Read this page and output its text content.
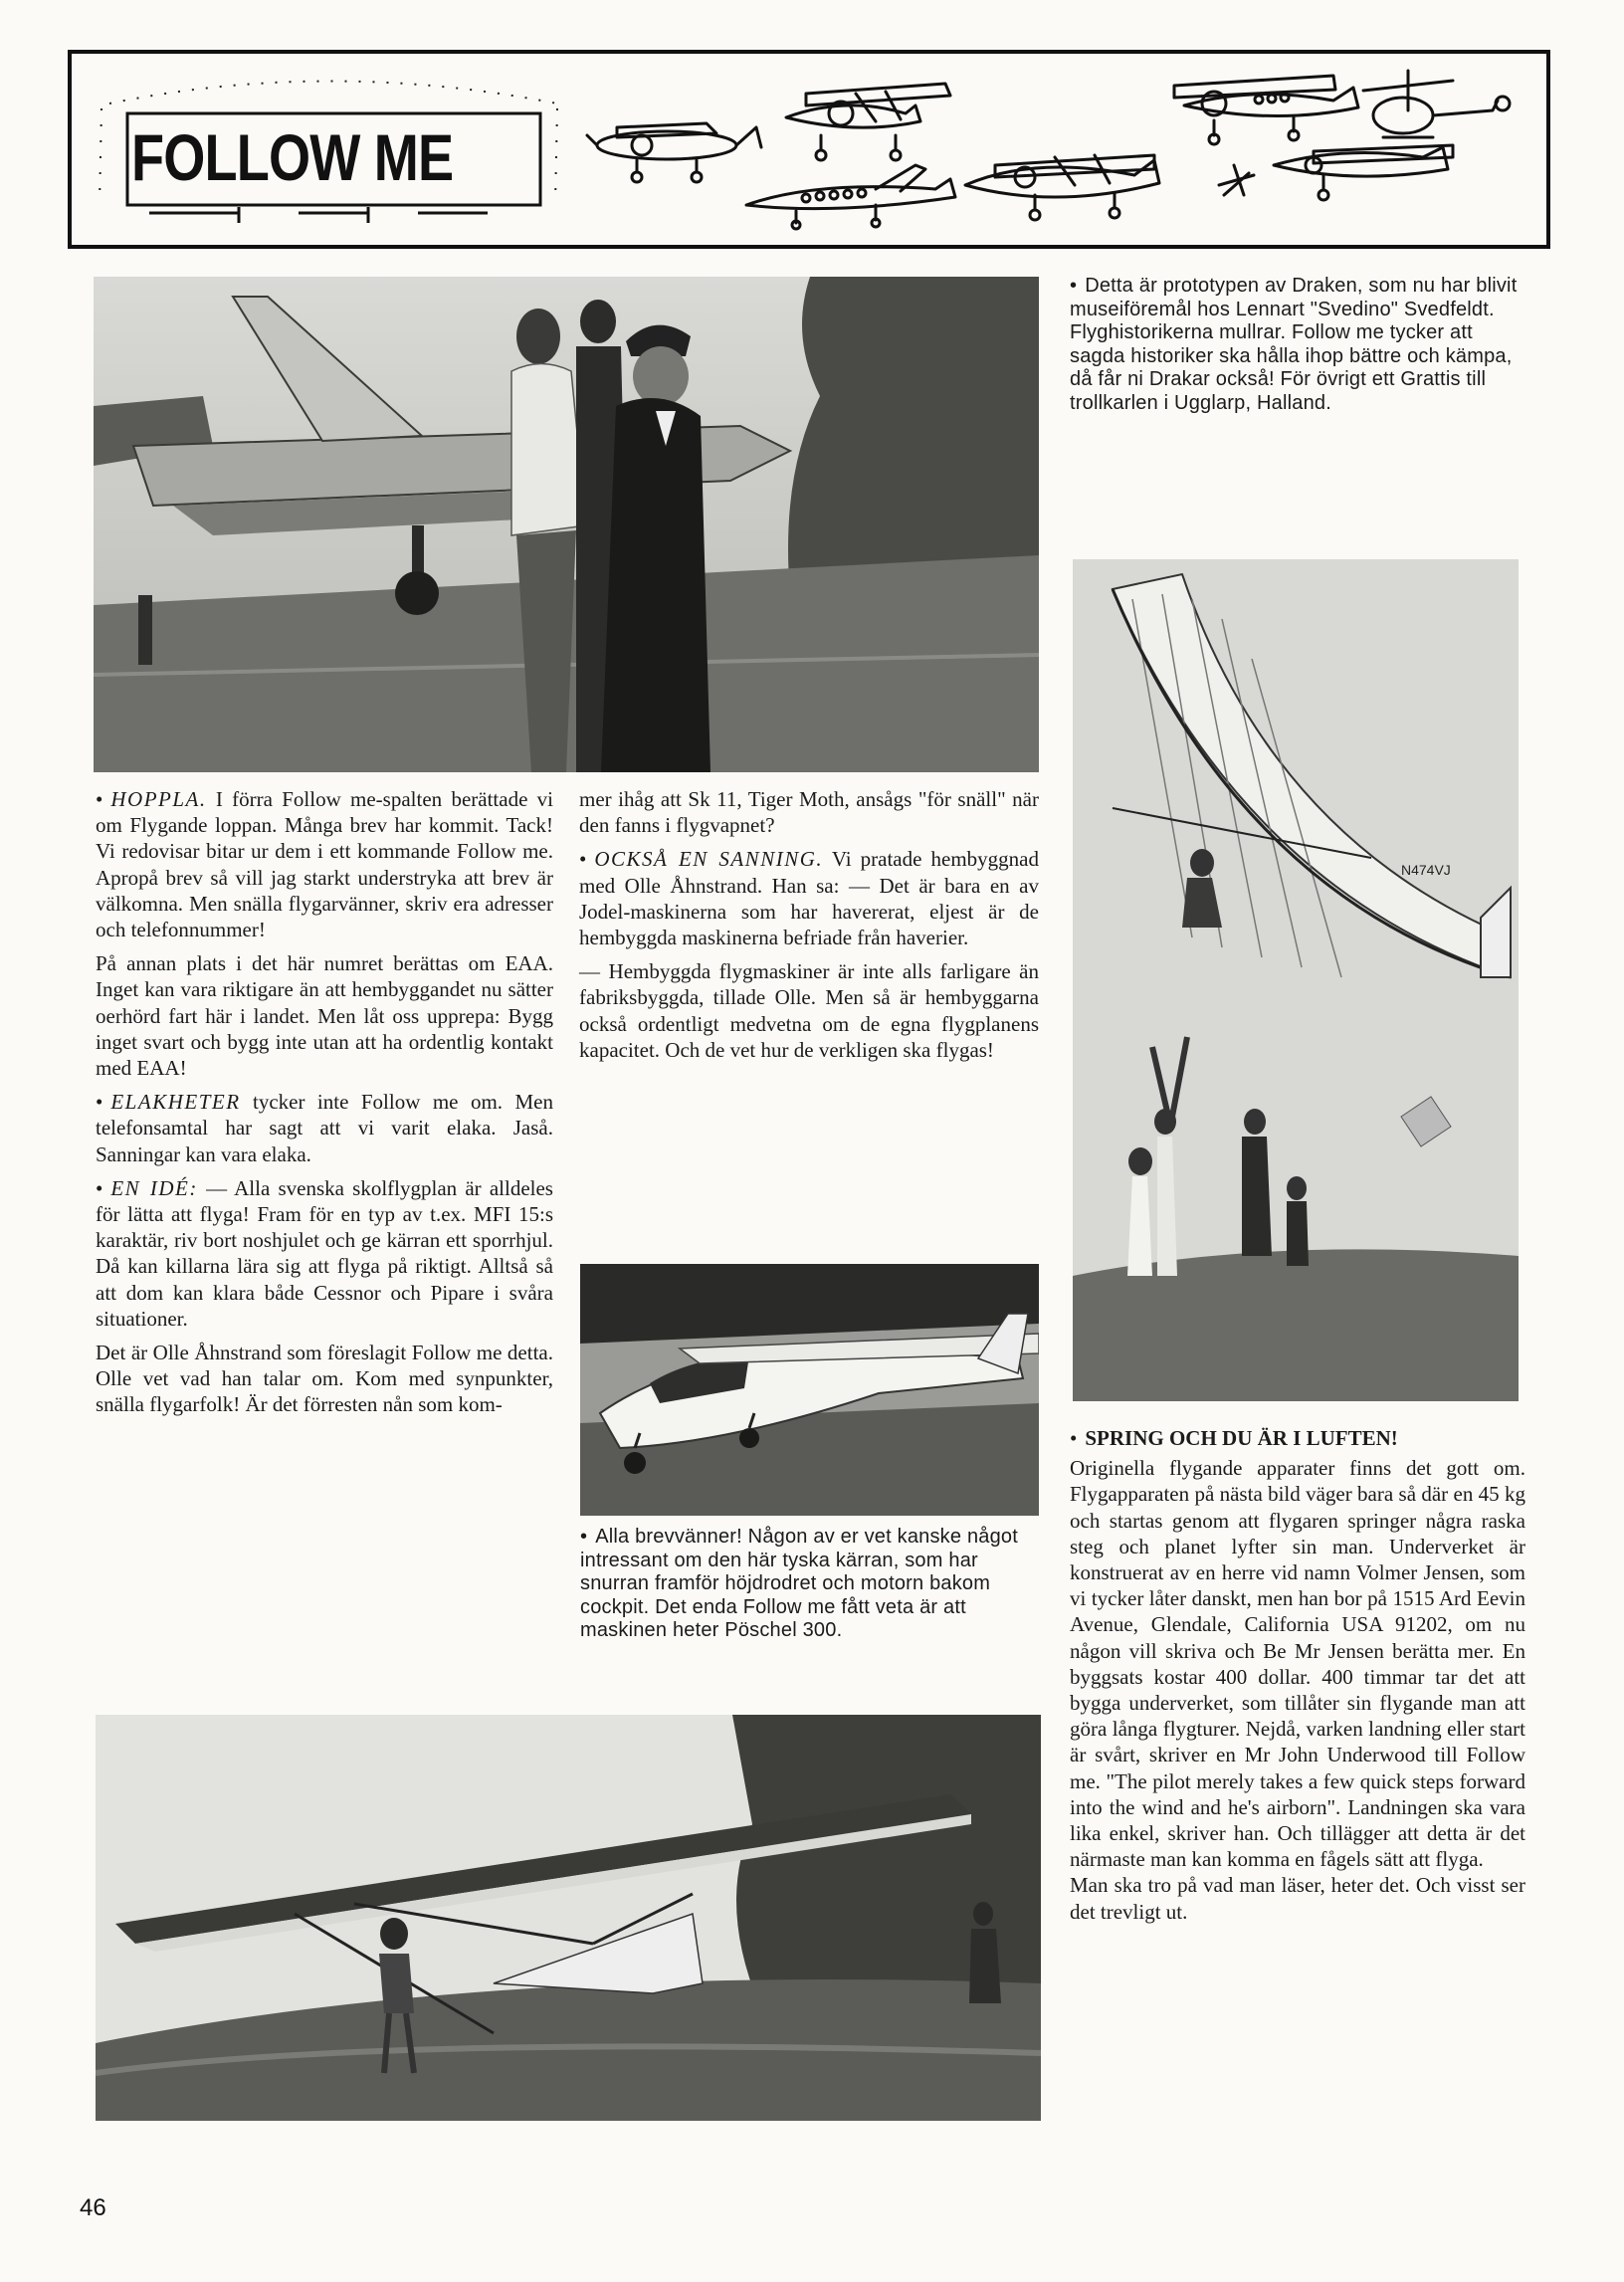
FOLLOW ME
N474VJ
• Detta är prototypen av Draken, som nu har blivit museiföremål hos Lennart "Svedino" Svedfeldt. Flyghistorikerna mullrar. Follow me tycker att sagda historiker ska hålla ihop bättre och kämpa, då får ni Drakar också! För övrigt ett Grattis till trollkarlen i Ugglarp, Halland.

• HOPPLA. I förra Follow me-spalten berättade vi om Flygande loppan. Många brev har kommit. Tack! Vi redovisar bitar ur dem i ett kommande Follow me. Apropå brev så vill jag starkt understryka att brev är välkomna. Men snälla flygarvänner, skriv era adresser och telefonnummer!

På annan plats i det här numret berättas om EAA. Inget kan vara riktigare än att hembyggandet nu sätter oerhörd fart här i landet. Men låt oss upprepa: Bygg inget svart och bygg inte utan att ha ordentlig kontakt med EAA!

• ELAKHETER tycker inte Follow me om. Men telefonsamtal har sagt att vi varit elaka. Jaså. Sanningar kan vara elaka.

• EN IDÉ: — Alla svenska skolflygplan är alldeles för lätta att flyga! Fram för en typ av t.ex. MFI 15:s karaktär, riv bort noshjulet och ge kärran ett sporrhjul. Då kan killarna lära sig att flyga på riktigt. Alltså så att dom kan klara både Cessnor och Pipare i svåra situationer.

Det är Olle Åhnstrand som föreslagit Follow me detta. Olle vet vad han talar om. Kom med synpunkter, snälla flygarfolk! Är det förresten nån som kom-

mer ihåg att Sk 11, Tiger Moth, ansågs "för snäll" när den fanns i flygvapnet?

• OCKSÅ EN SANNING. Vi pratade hembyggnad med Olle Åhnstrand. Han sa: — Det är bara en av Jodel-maskinerna som har havererat, eljest är de hembyggda maskinerna befriade från haverier.

— Hembyggda flygmaskiner är inte alls farligare än fabriksbyggda, tillade Olle. Men så är hembyggarna också ordentligt medvetna om de egna flygplanens kapacitet. Och de vet hur de verkligen ska flygas!

• Alla brevvänner! Någon av er vet kanske något intressant om den här tyska kärran, som har snurran framför höjdrodret och motorn bakom cockpit. Det enda Follow me fått veta är att maskinen heter Pöschel 300.

• SPRING OCH DU ÄR I LUFTEN!

Originella flygande apparater finns det gott om. Flygapparaten på nästa bild väger bara så där en 45 kg och startas genom att flygaren springer några raska steg och planet lyfter sin man. Underverket är konstruerat av en herre vid namn Volmer Jensen, som vi tycker låter danskt, men han bor på 1515 Ard Eevin Avenue, Glendale, California USA 91202, om nu någon vill skriva och Be Mr Jensen berätta mer. En byggsats kostar 400 dollar. 400 timmar tar det att bygga underverket, som tillåter sin flygande man att göra långa flygturer. Nejdå, varken landning eller start är svårt, skriver en Mr John Underwood till Follow me. "The pilot merely takes a few quick steps forward into the wind and he's airborn". Landningen ska vara lika enkel, skriver han. Och tillägger att detta är det närmaste man kan komma en fågels sätt att flyga.

Man ska tro på vad man läser, heter det. Och visst ser det trevligt ut.

46
